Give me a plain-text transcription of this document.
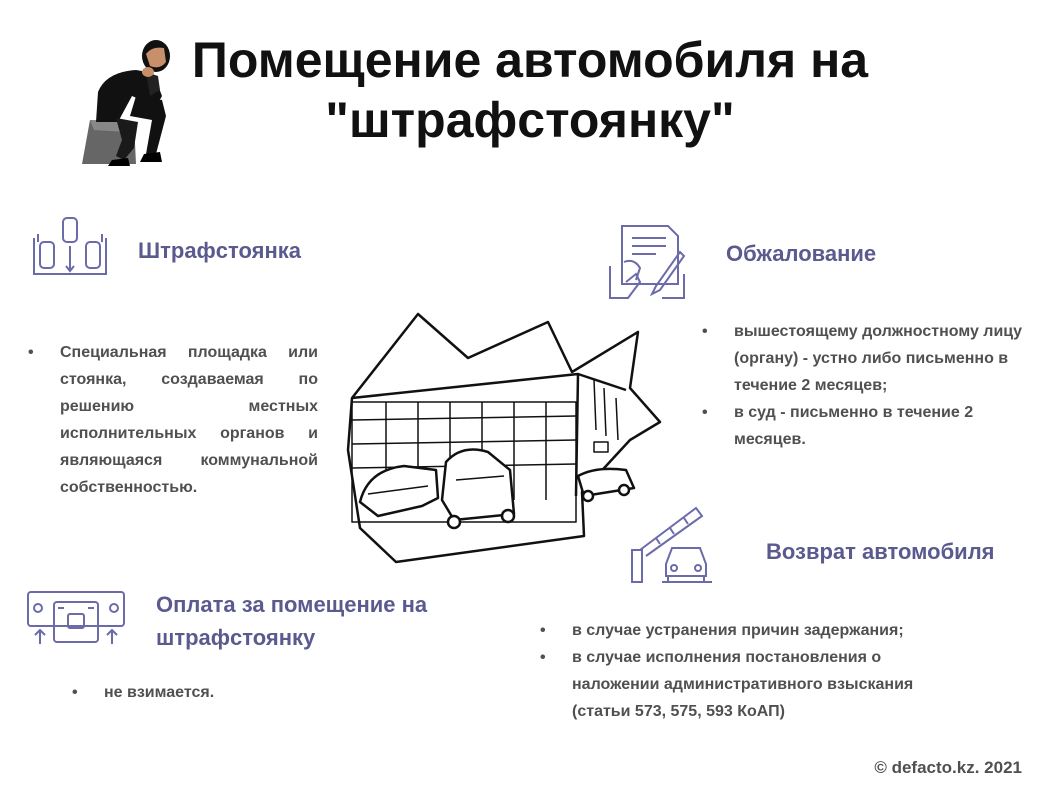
Помещение автомобиля на
"штрафстоянку"
Штрафстоянка
• Специальная площадка или стоянка, создаваемая по решению местных исполнительных органов и являющаяся коммунальной собственностью.
Обжалование
• вышестоящему должностному лицу (органу) - устно либо письменно в течение 2 месяцев;
• в суд - письменно в течение 2 месяцев.
Возврат автомобиля
• в случае устранения причин задержания;
• в случае исполнения постановления о наложении административного взыскания (статьи 573, 575, 593 КоАП)
Оплата за помещение на
штрафстоянку
• не взимается.
© defacto.kz. 2021
